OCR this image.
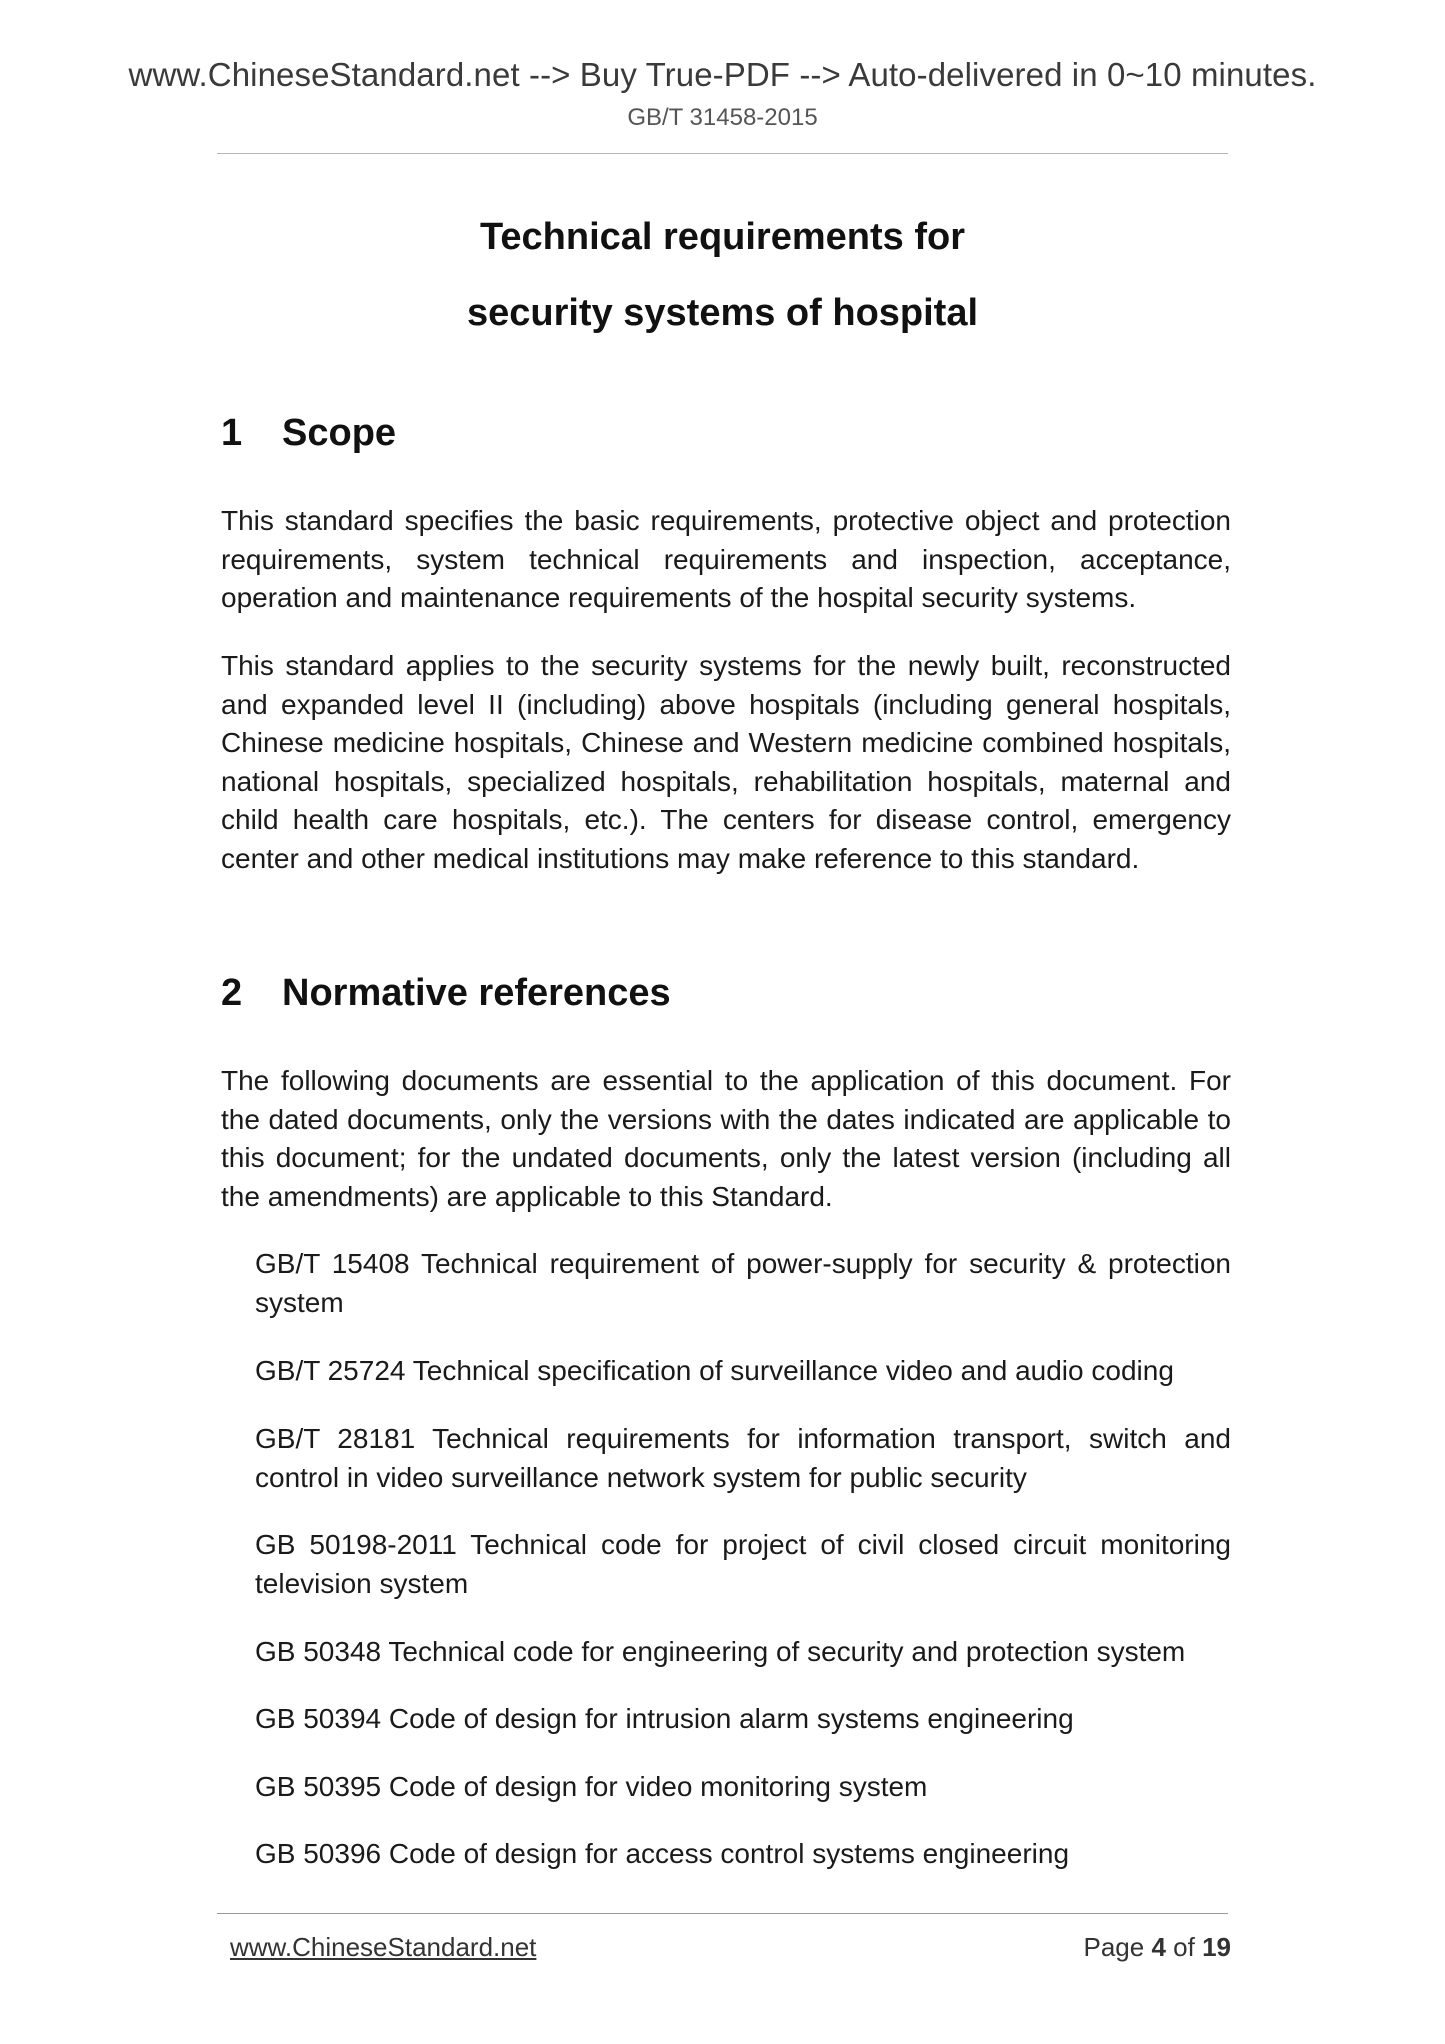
www.ChineseStandard.net --> Buy True-PDF --> Auto-delivered in 0~10 minutes.
GB/T 31458-2015
Technical requirements for
security systems of hospital
1 Scope

This standard specifies the basic requirements, protective object and protection requirements, system technical requirements and inspection, acceptance, operation and maintenance requirements of the hospital security systems.

This standard applies to the security systems for the newly built, reconstructed and expanded level II (including) above hospitals (including general hospitals, Chinese medicine hospitals, Chinese and Western medicine combined hospitals, national hospitals, specialized hospitals, rehabilitation hospitals, maternal and child health care hospitals, etc.). The centers for disease control, emergency center and other medical institutions may make reference to this standard.

2 Normative references

The following documents are essential to the application of this document. For the dated documents, only the versions with the dates indicated are applicable to this document; for the undated documents, only the latest version (including all the amendments) are applicable to this Standard.

GB/T 15408 Technical requirement of power-supply for security & protection system

GB/T 25724 Technical specification of surveillance video and audio coding

GB/T 28181 Technical requirements for information transport, switch and control in video surveillance network system for public security

GB 50198-2011 Technical code for project of civil closed circuit monitoring television system

GB 50348 Technical code for engineering of security and protection system

GB 50394 Code of design for intrusion alarm systems engineering

GB 50395 Code of design for video monitoring system

GB 50396 Code of design for access control systems engineering

www.ChineseStandard.net	Page 4 of 19
